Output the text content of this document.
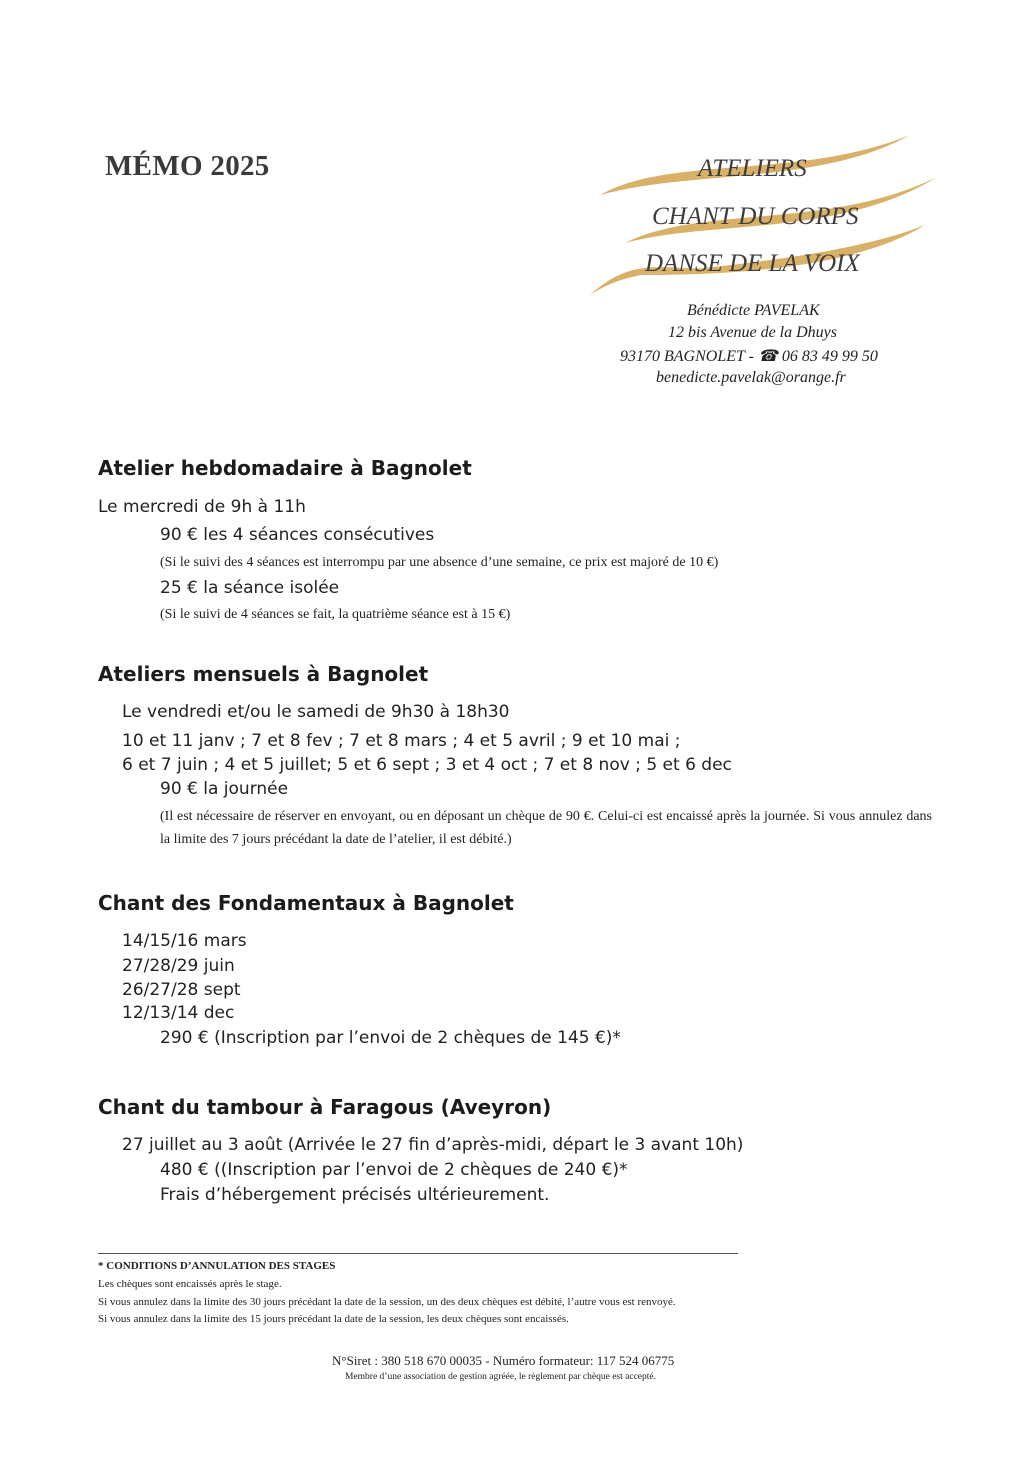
MÉMO 2025	ATELIERS
CHANT DU CORPS
DANSE DE LA VOIX
Bénédicte PAVELAK
12 bis Avenue de la Dhuys
93170 BAGNOLET - ☎ 06 83 49 99 50
benedicte.pavelak@orange.fr
Atelier hebdomadaire à Bagnolet
Le mercredi de 9h à 11h
90 € les 4 séances consécutives
(Si le suivi des 4 séances est interrompu par une absence d’une semaine, ce prix est majoré de 10 €)
25 € la séance isolée
(Si le suivi de 4 séances se fait, la quatrième séance est à 15 €)
Ateliers mensuels à Bagnolet
Le vendredi et/ou le samedi de 9h30 à 18h30
10 et 11 janv ; 7 et 8 fev ; 7 et 8 mars ; 4 et 5 avril ; 9 et 10 mai ;
6 et 7 juin ; 4 et 5 juillet; 5 et 6 sept ; 3 et 4 oct ; 7 et 8 nov ; 5 et 6 dec
90 € la journée
(Il est nécessaire de réserver en envoyant, ou en déposant un chèque de 90 €. Celui-ci est encaissé après la journée. Si vous annulez dans la limite des 7 jours précédant la date de l’atelier, il est débité.)
Chant des Fondamentaux à Bagnolet
14/15/16 mars
27/28/29 juin
26/27/28 sept
12/13/14 dec
290 € (Inscription par l’envoi de 2 chèques de 145 €)*
Chant du tambour à Faragous (Aveyron)
27 juillet au 3 août (Arrivée le 27 fin d’après-midi, départ le 3 avant 10h)
480 € ((Inscription par l’envoi de 2 chèques de 240 €)*
Frais d’hébergement précisés ultérieurement.
* CONDITIONS D’ANNULATION DES STAGES
Les chèques sont encaissés après le stage.
Si vous annulez dans la limite des 30 jours précédant la date de la session, un des deux chèques est débité, l’autre vous est renvoyé.
Si vous annulez dans la limite des 15 jours précédant la date de la session, les deux chèques sont encaissés.
N°Siret : 380 518 670 00035 - Numéro formateur: 117 524 06775
Membre d’une association de gestion agréée, le règlement par chèque est accepté.
